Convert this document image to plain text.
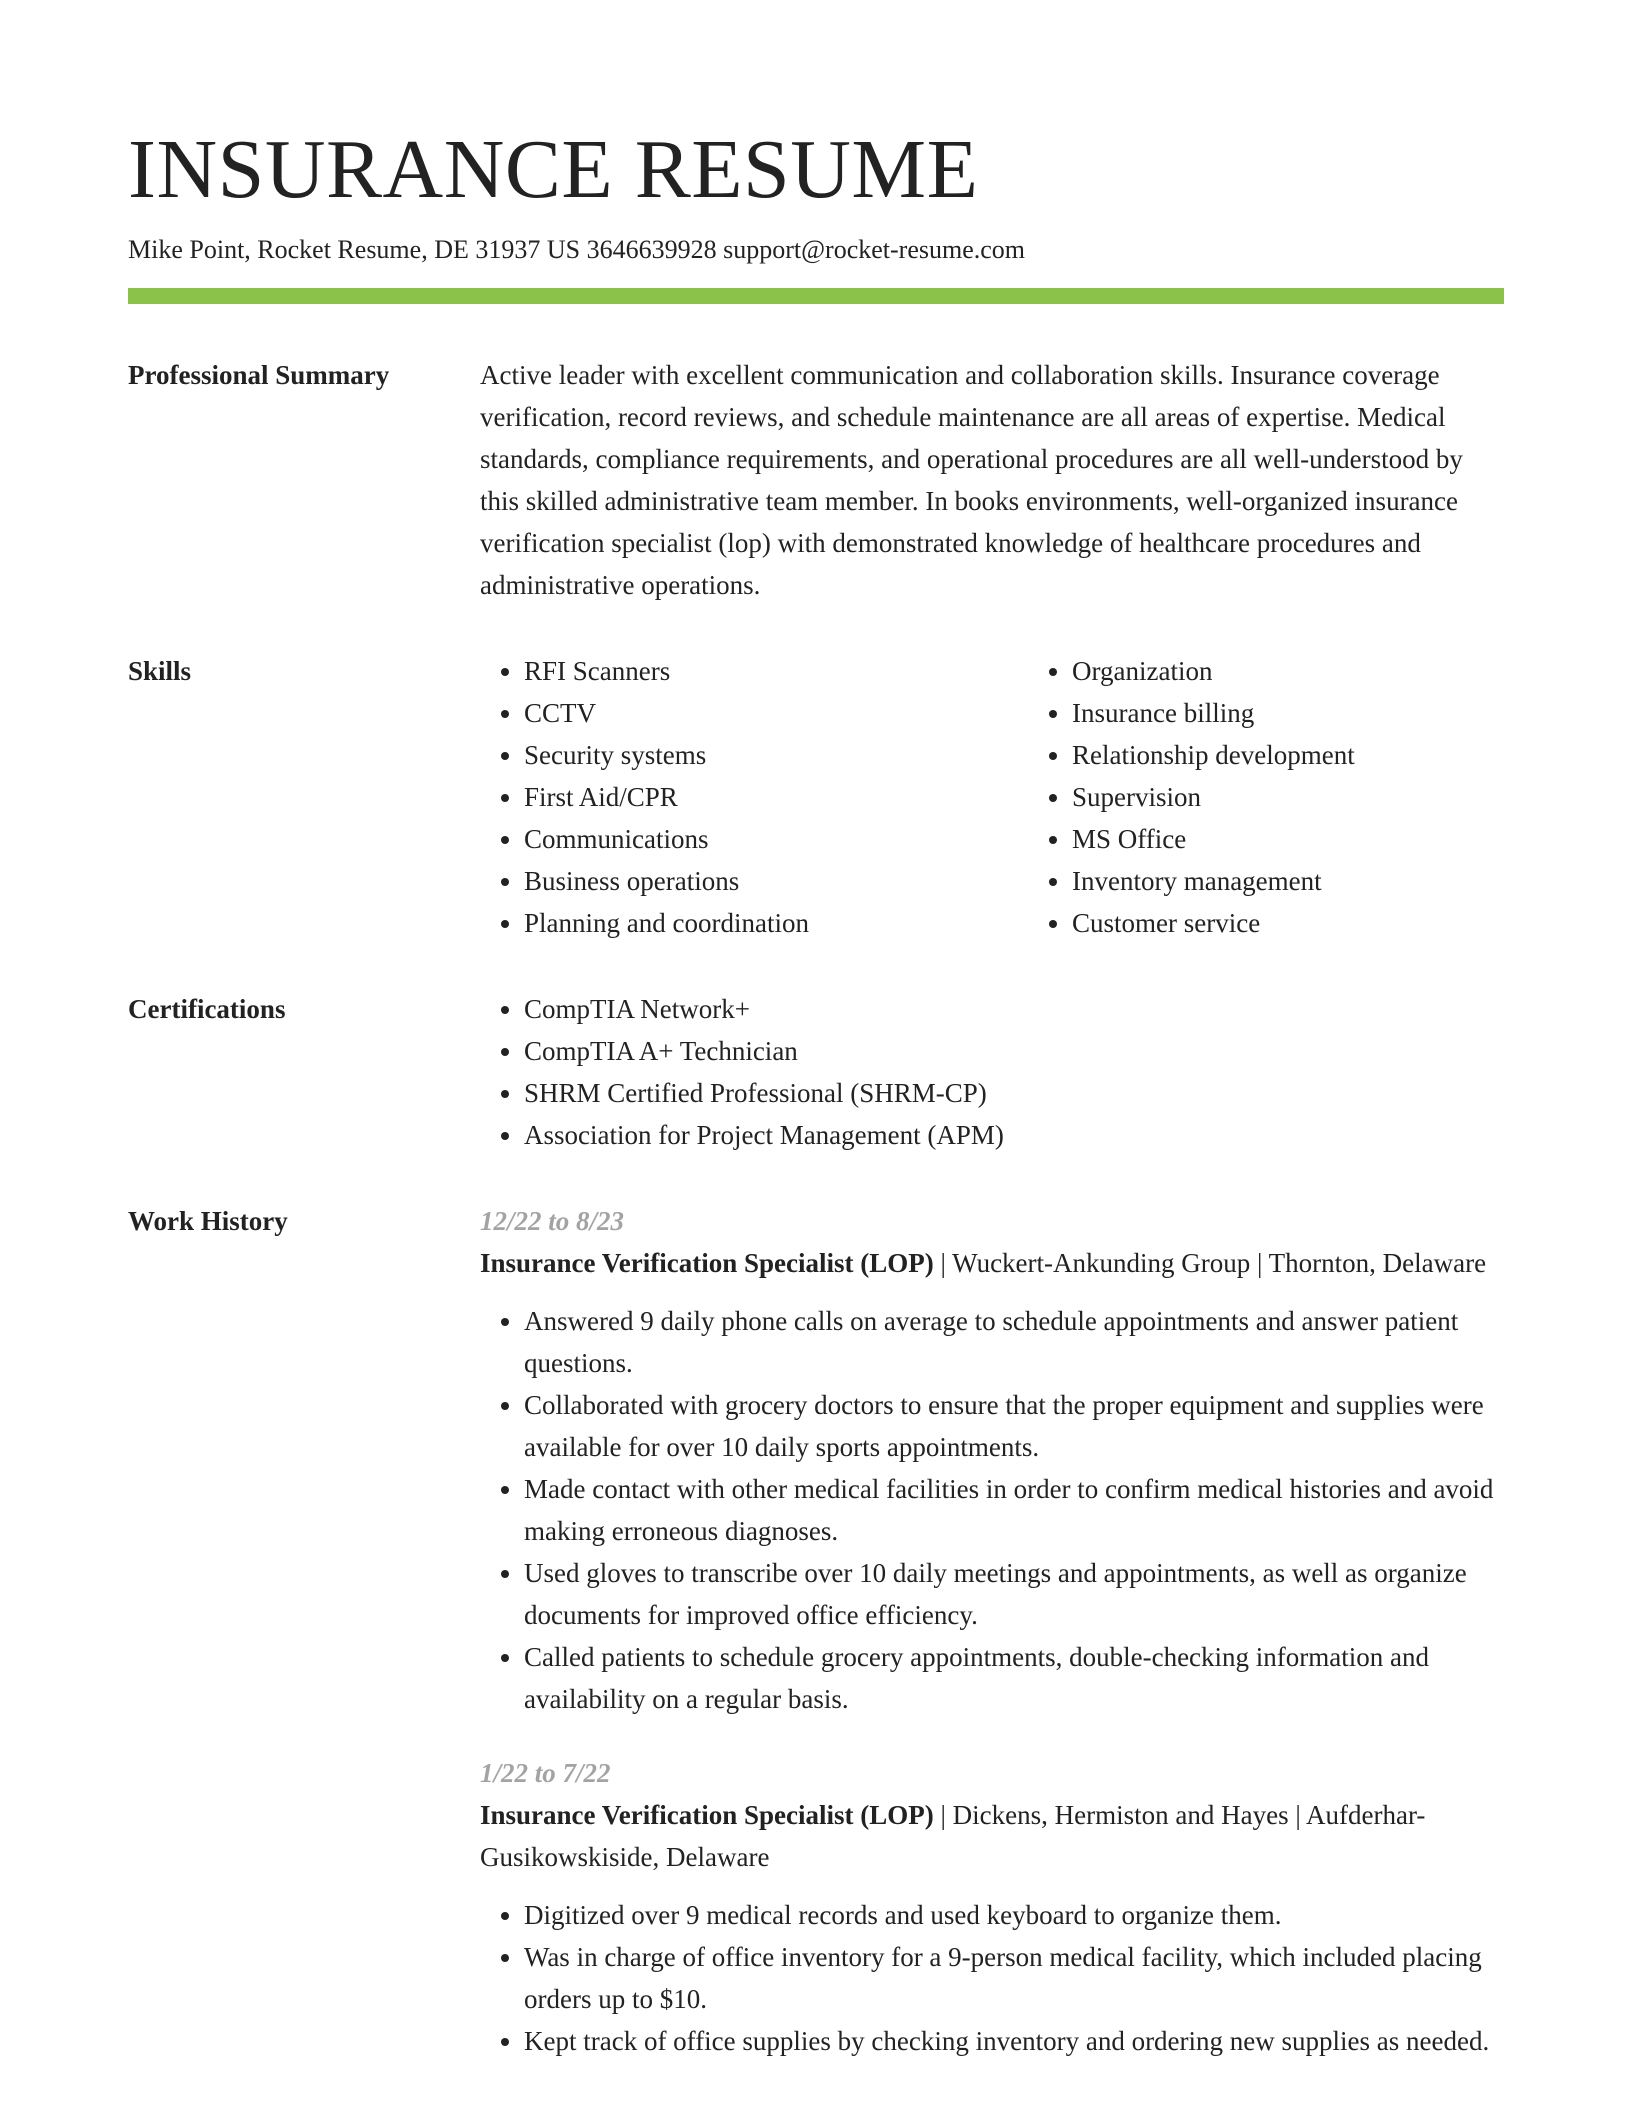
INSURANCE RESUME
Mike Point, Rocket Resume, DE 31937 US 3646639928 support@rocket-resume.com
Professional Summary	Active leader with excellent communication and collaboration skills. Insurance coverage verification, record reviews, and schedule maintenance are all areas of expertise. Medical standards, compliance requirements, and operational procedures are all well-understood by this skilled administrative team member. In books environments, well-organized insurance verification specialist (lop) with demonstrated knowledge of healthcare procedures and administrative operations.

Skills	• RFI Scanners
• CCTV
• Security systems
• First Aid/CPR
• Communications
• Business operations
• Planning and coordination
• Organization
• Insurance billing
• Relationship development
• Supervision
• MS Office
• Inventory management
• Customer service
Certifications	• CompTIA Network+
• CompTIA A+ Technician
• SHRM Certified Professional (SHRM-CP)
• Association for Project Management (APM)
Work History	12/22 to 8/23
Insurance Verification Specialist (LOP) | Wuckert-Ankunding Group | Thornton, Delaware
• Answered 9 daily phone calls on average to schedule appointments and answer patient questions.
• Collaborated with grocery doctors to ensure that the proper equipment and supplies were available for over 10 daily sports appointments.
• Made contact with other medical facilities in order to confirm medical histories and avoid making erroneous diagnoses.
• Used gloves to transcribe over 10 daily meetings and appointments, as well as organize documents for improved office efficiency.
• Called patients to schedule grocery appointments, double-checking information and availability on a regular basis.
1/22 to 7/22
Insurance Verification Specialist (LOP) | Dickens, Hermiston and Hayes | Aufderhar-Gusikowskiside, Delaware
• Digitized over 9 medical records and used keyboard to organize them.
• Was in charge of office inventory for a 9-person medical facility, which included placing orders up to $10.
• Kept track of office supplies by checking inventory and ordering new supplies as needed.
